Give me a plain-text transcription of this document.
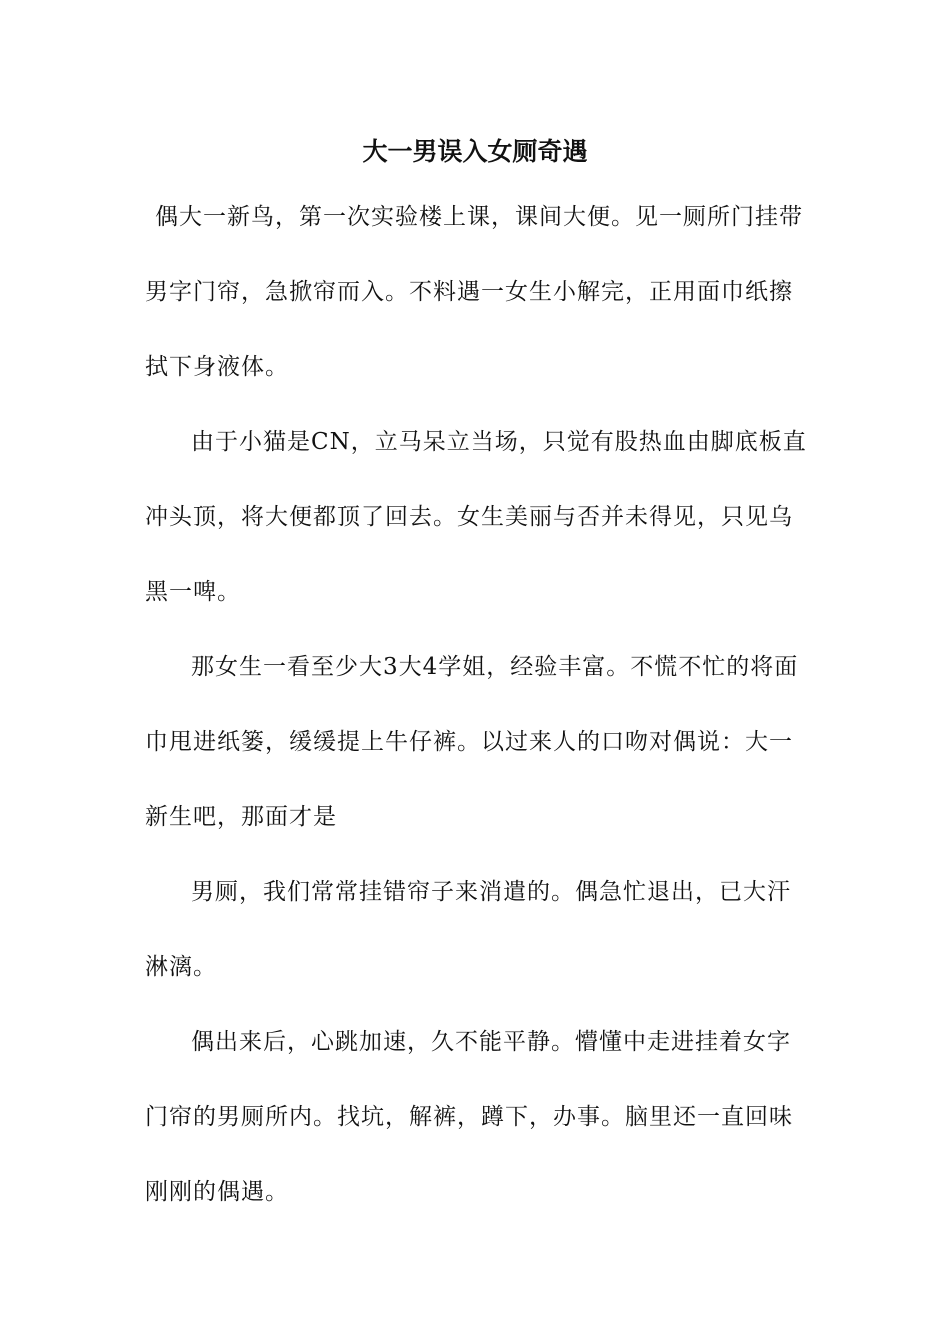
大一男误入女厕奇遇

偶大一新鸟，第一次实验楼上课，课间大便。见一厕所门挂带男字门帘，急掀帘而入。不料遇一女生小解完，正用面巾纸擦拭下身液体。

由于小猫是CN，立马呆立当场，只觉有股热血由脚底板直冲头顶，将大便都顶了回去。女生美丽与否并未得见，只见乌黑一啤。

那女生一看至少大3大4学姐，经验丰富。不慌不忙的将面巾甩进纸篓，缓缓提上牛仔裤。以过来人的口吻对偶说：大一新生吧，那面才是

男厕，我们常常挂错帘子来消遣的。偶急忙退出，已大汗淋漓。

偶出来后，心跳加速，久不能平静。懵懂中走进挂着女字门帘的男厕所内。找坑，解裤，蹲下，办事。脑里还一直回味刚刚的偶遇。
